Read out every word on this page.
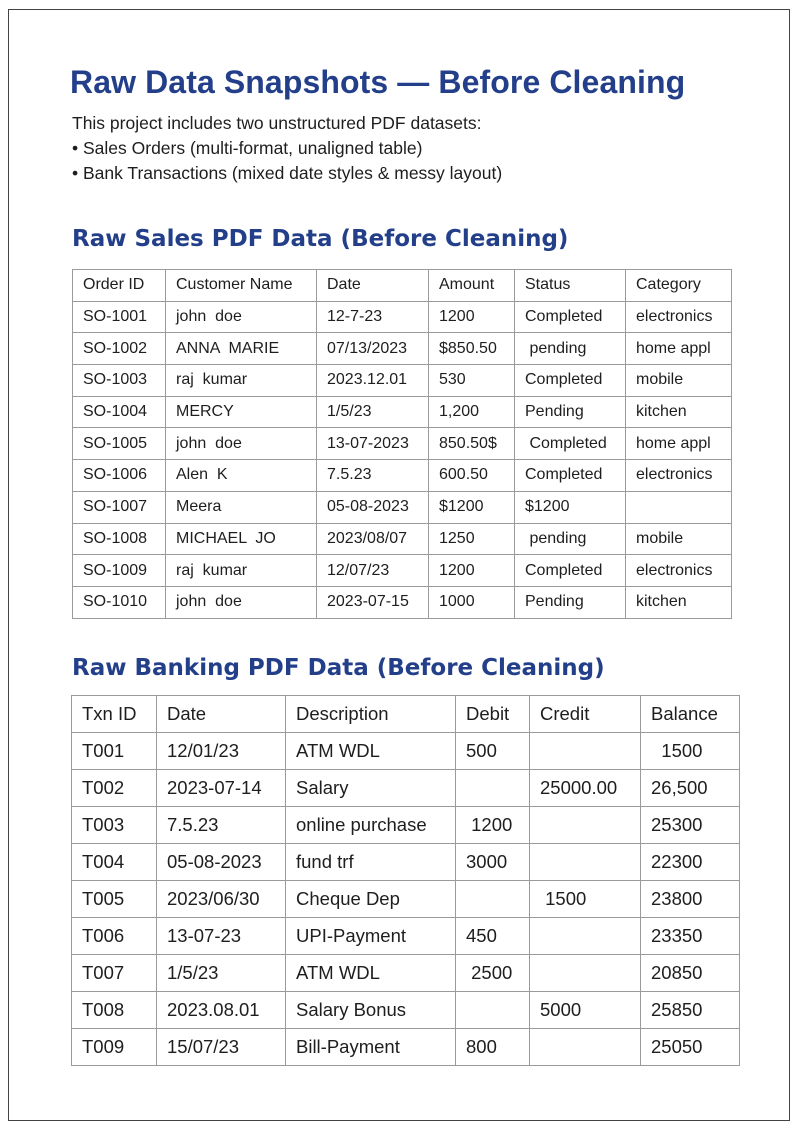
Raw Data Snapshots — Before Cleaning
This project includes two unstructured PDF datasets:
• Sales Orders (multi-format, unaligned table)
• Bank Transactions (mixed date styles & messy layout)
Raw Sales PDF Data (Before Cleaning)
Order ID	Customer Name	Date	Amount	Status	Category
SO-1001	john  doe	12-7-23	1200	Completed	electronics
SO-1002	ANNA  MARIE	07/13/2023	$850.50	pending	home appl
SO-1003	raj  kumar	2023.12.01	530	Completed	mobile
SO-1004	MERCY	1/5/23	1,200	Pending	kitchen
SO-1005	john  doe	13-07-2023	850.50$	Completed	home appl
SO-1006	Alen  K	7.5.23	600.50	Completed	electronics
SO-1007	Meera	05-08-2023	$1200	$1200	
SO-1008	MICHAEL  JO	2023/08/07	1250	pending	mobile
SO-1009	raj  kumar	12/07/23	1200	Completed	electronics
SO-1010	john  doe	2023-07-15	1000	Pending	kitchen
Raw Banking PDF Data (Before Cleaning)
Txn ID	Date	Description	Debit	Credit	Balance
T001	12/01/23	ATM WDL	500		1500
T002	2023-07-14	Salary		25000.00	26,500
T003	7.5.23	online purchase	1200		25300
T004	05-08-2023	fund trf	3000		22300
T005	2023/06/30	Cheque Dep		1500	23800
T006	13-07-23	UPI-Payment	450		23350
T007	1/5/23	ATM WDL	2500		20850
T008	2023.08.01	Salary Bonus		5000	25850
T009	15/07/23	Bill-Payment	800		25050
